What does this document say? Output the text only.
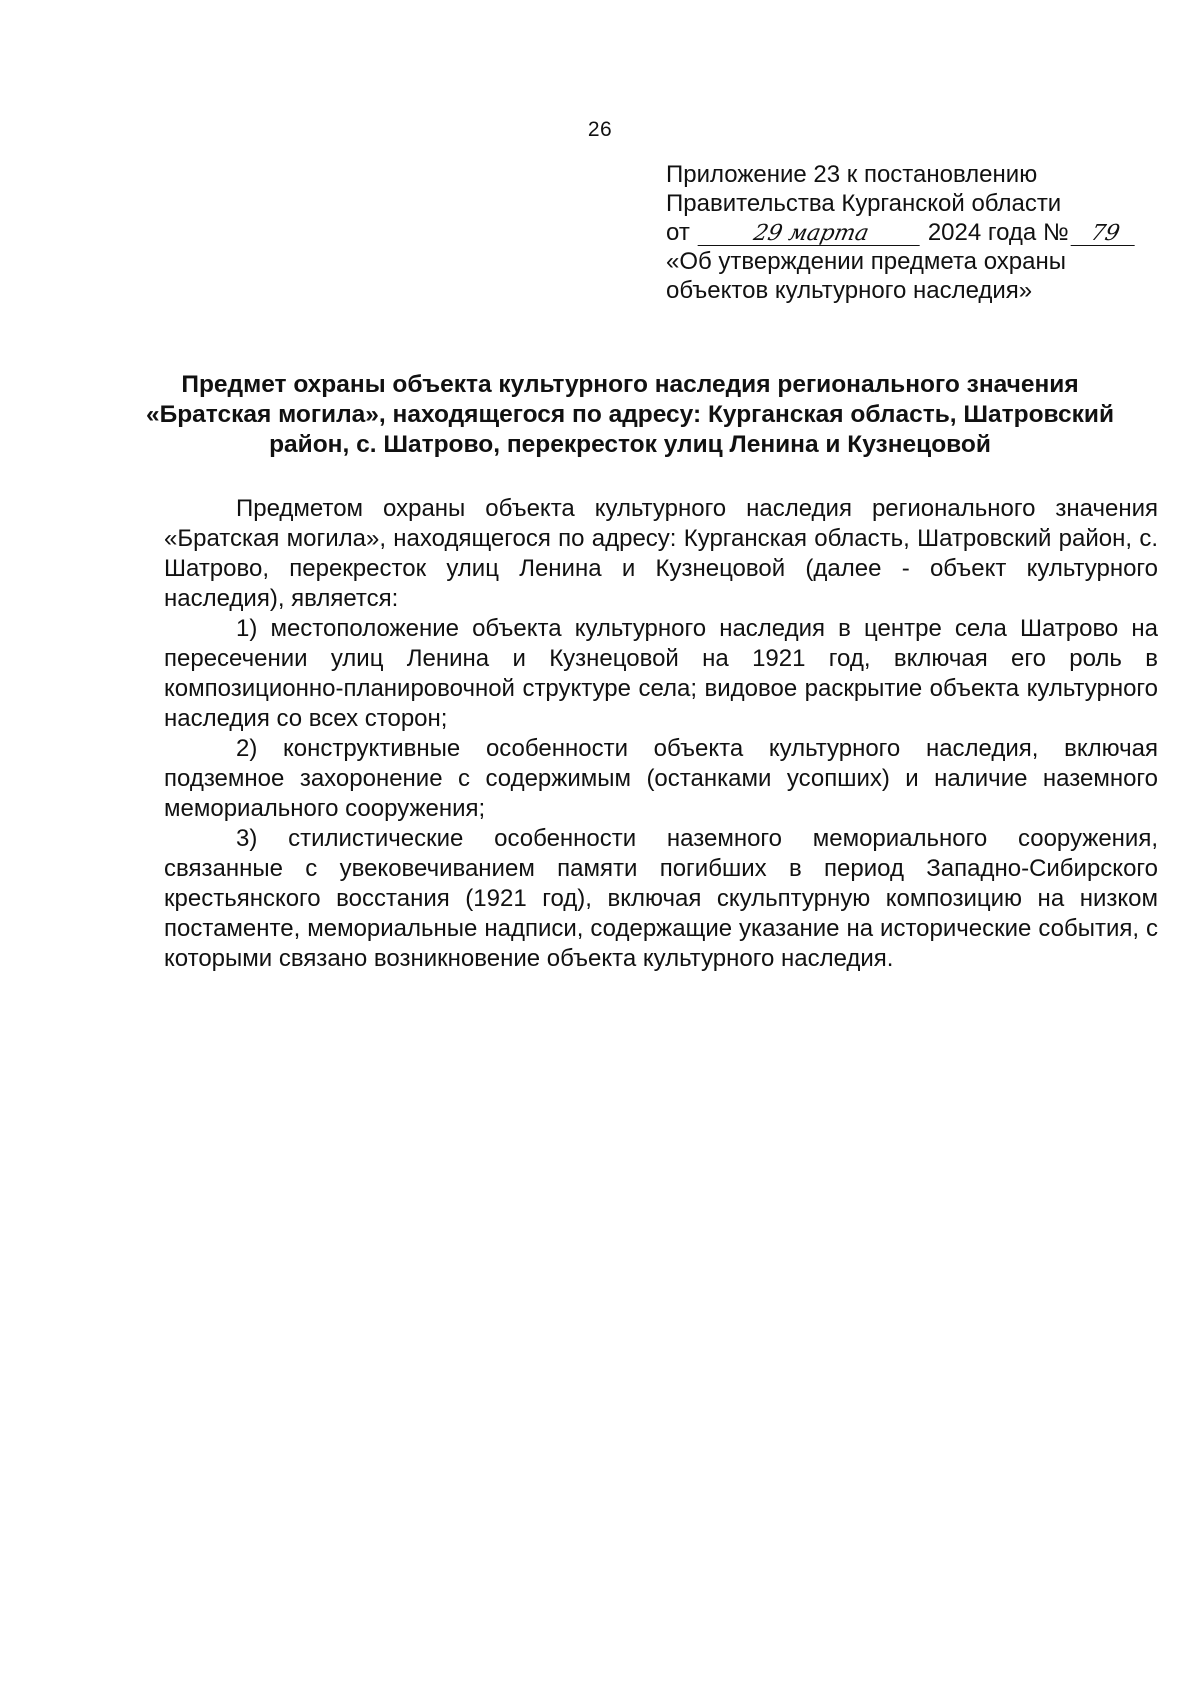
26
Приложение 23 к постановлению
Правительства Курганской области
от	29 марта 2024 года № 79
«Об утверждении предмета охраны
объектов культурного наследия»
Предмет охраны объекта культурного наследия регионального значения «Братская могила», находящегося по адресу: Курганская область, Шатровский район, с. Шатрово, перекресток улиц Ленина и Кузнецовой

Предметом охраны объекта культурного наследия регионального значения «Братская могила», находящегося по адресу: Курганская область, Шатровский район, с. Шатрово, перекресток улиц Ленина и Кузнецовой (далее - объект культурного наследия), является:

1) местоположение объекта культурного наследия в центре села Шатрово на пересечении улиц Ленина и Кузнецовой на 1921 год, включая его роль в композиционно-планировочной структуре села; видовое раскрытие объекта культурного наследия со всех сторон;

2) конструктивные особенности объекта культурного наследия, включая подземное захоронение с содержимым (останками усопших) и наличие наземного мемориального сооружения;

3) стилистические особенности наземного мемориального сооружения, связанные с увековечиванием памяти погибших в период Западно-Сибирского крестьянского восстания (1921 год), включая скульптурную композицию на низком постаменте, мемориальные надписи, содержащие указание на исторические события, с которыми связано возникновение объекта культурного наследия.
